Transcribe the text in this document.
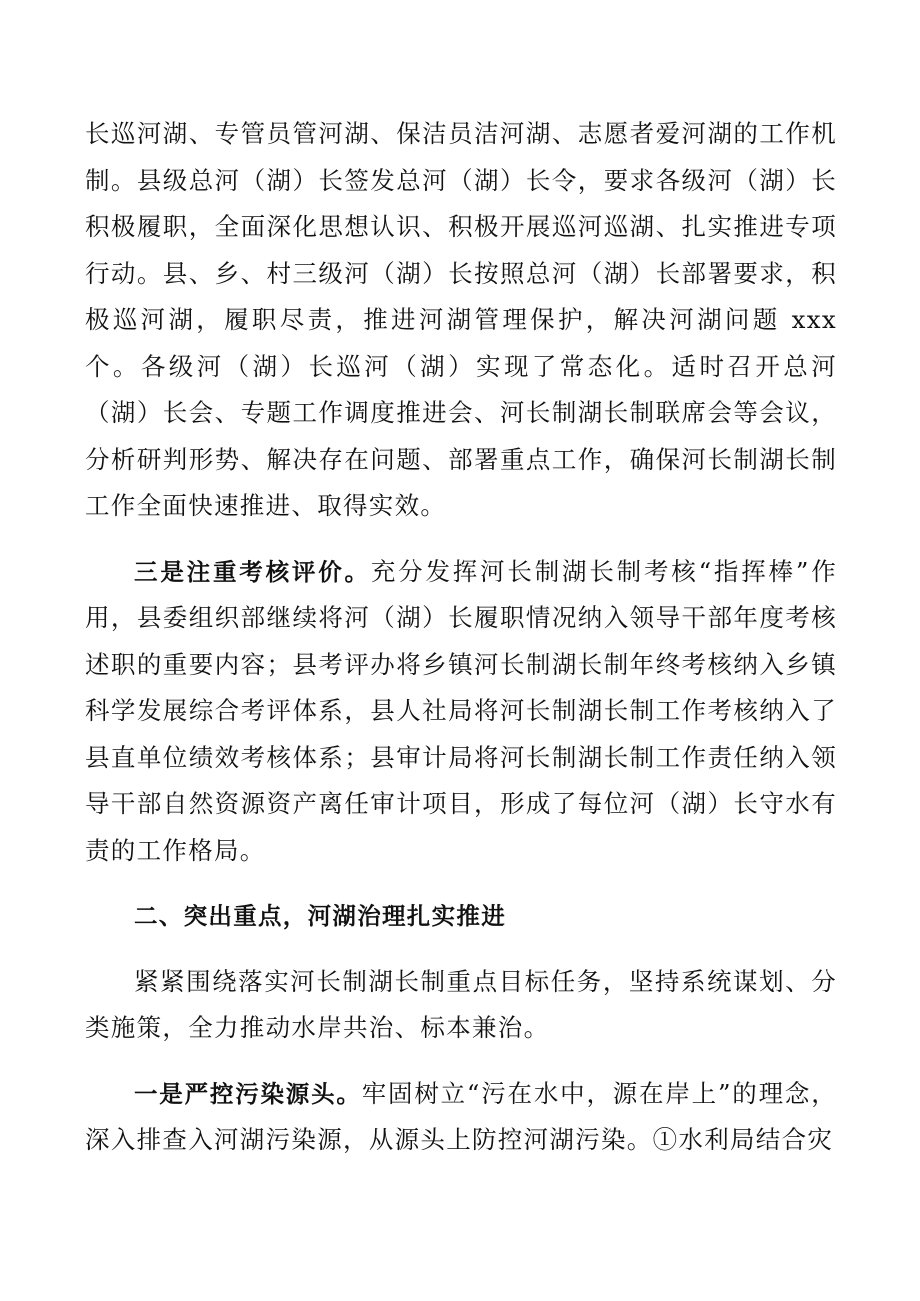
长巡河湖、专管员管河湖、保洁员洁河湖、志愿者爱河湖的工作机制。县级总河（湖）长签发总河（湖）长令，要求各级河（湖）长积极履职，全面深化思想认识、积极开展巡河巡湖、扎实推进专项行动。县、乡、村三级河（湖）长按照总河（湖）长部署要求，积极巡河湖，履职尽责，推进河湖管理保护，解决河湖问题 xxx 个。各级河（湖）长巡河（湖）实现了常态化。适时召开总河（湖）长会、专题工作调度推进会、河长制湖长制联席会等会议，分析研判形势、解决存在问题、部署重点工作，确保河长制湖长制工作全面快速推进、取得实效。

三是注重考核评价。充分发挥河长制湖长制考核“指挥棒”作用，县委组织部继续将河（湖）长履职情况纳入领导干部年度考核述职的重要内容；县考评办将乡镇河长制湖长制年终考核纳入乡镇科学发展综合考评体系，县人社局将河长制湖长制工作考核纳入了县直单位绩效考核体系；县审计局将河长制湖长制工作责任纳入领导干部自然资源资产离任审计项目，形成了每位河（湖）长守水有责的工作格局。

二、突出重点，河湖治理扎实推进

紧紧围绕落实河长制湖长制重点目标任务，坚持系统谋划、分类施策，全力推动水岸共治、标本兼治。

一是严控污染源头。牢固树立“污在水中，源在岸上”的理念，深入排查入河湖污染源，从源头上防控河湖污染。①水利局结合灾
